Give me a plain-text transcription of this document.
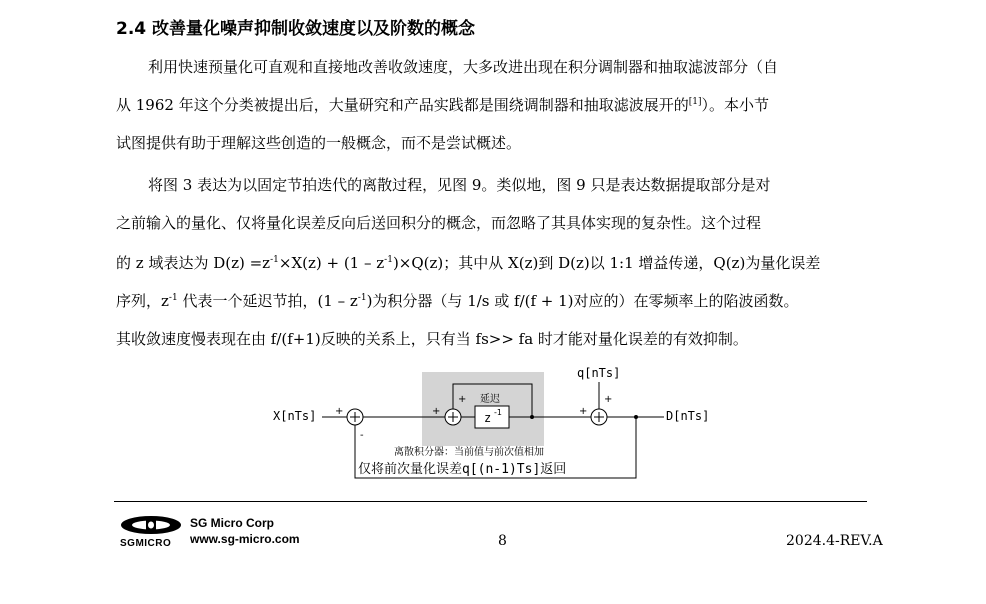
2.4 改善量化噪声抑制收敛速度以及阶数的概念
利用快速预量化可直观和直接地改善收敛速度，大多改进出现在积分调制器和抽取滤波部分（自
从 1962 年这个分类被提出后，大量研究和产品实践都是围绕调制器和抽取滤波展开的[1]）。本小节
试图提供有助于理解这些创造的一般概念，而不是尝试概述。
将图 3 表达为以固定节拍迭代的离散过程，见图 9。类似地，图 9 只是表达数据提取部分是对
之前输入的量化、仅将量化误差反向后送回积分的概念，而忽略了其具体实现的复杂性。这个过程
的 z 域表达为 $D(z) =z^{-1}\times X(z) + (1 - z^{-1})\times Q(z)$；其中从 X(z)到 D(z)以 1:1 增益传递，Q(z)为量化误差
序列，$z^{-1}$ 代表一个延迟节拍，$(1 - z^{-1})$为积分器（与 1/s 或 f/(f + 1)对应的）在零频率上的陷波函数。
其收敛速度慢表现在由 f/(f+1)反映的关系上，只有当 fs>> fa 时才能对量化误差的有效抑制。
X[nTs]	D[nTs]
q[nTs]
z -1
延迟
+
-
+
+
+
+
离散积分器：当前值与前次值相加
仅将前次量化误差q[(n-1)Ts]返回
SGMICRO
SG Micro Corp
www.sg-micro.com	8	2024.4-REV.A
